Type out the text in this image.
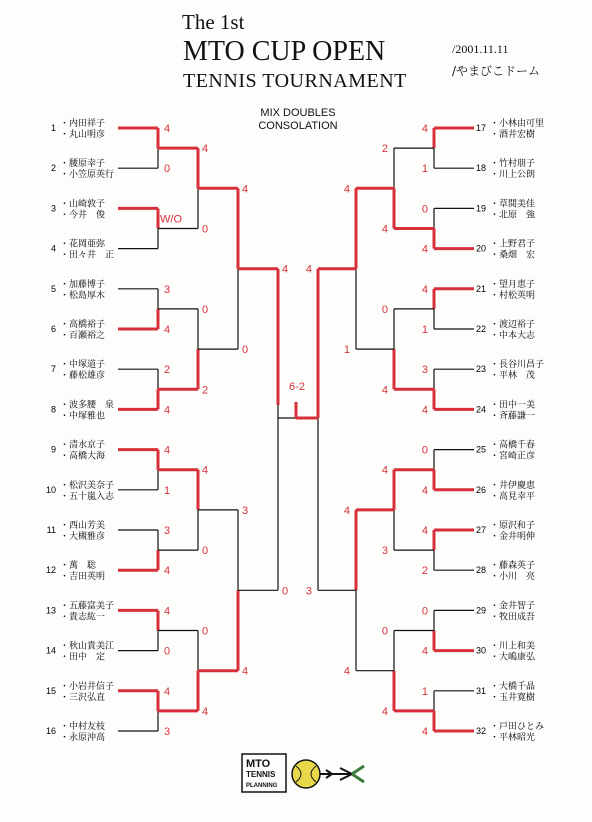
The 1st
MTO CUP OPEN
TENNIS TOURNAMENT
/2001.11.11
/やまびこドーム
MIX DOUBLES
CONSOLATION
1 ・内田祥子
・丸山明彦
2 ・腰原幸子
・小笠原英行
3 ・山崎敦子
・今井　俊
4 ・花岡亜弥
・田々井　正
5 ・加藤博子
・松島厚木
6 ・高橋裕子
・百瀬裕之
7 ・中塚道子
・藤松雄彦
8 ・波多腰　泉
・中塚雅也
9 ・清水京子
・高橋大海
10 ・松沢美奈子
・五十嵐入志
11 ・西山芳美
・大槻雅彦
12 ・萬　聡
・吉田英明
13 ・五藤富美子
・貴志紘一
14 ・秋山貴美江
・田中　定
15 ・小岩井信子
・三沢弘直
16 ・中村友枝
・永原沖高
4
0
W/O
3
4
2
4
4
1
3
4
4
0
4
3
4
0
0
2
4
0
0
4
4
0
3
4
4
0
17 ・小林由可里
・酒井宏樹
18 ・竹村朋子
・川上公朗
19 ・草間美佳
・北原　強
20 ・上野君子
・桑畑　宏
21 ・望月恵子
・村松英明
22 ・渡辺裕子
・中本大志
23 ・長谷川昌子
・平林　茂
24 ・田中一美
・斉藤謙一
25 ・高橋千春
・宮崎正彦
26 ・井伊慶恵
・高見幸平
27 ・原沢和子
・金井明伸
28 ・藤森英子
・小川　亮
29 ・金井智子
・牧田成吾
30 ・川上和美
・大嶋康弘
31 ・大橋千晶
・玉井寛樹
32 ・戸田ひとみ
・平林昭光
4
1
0
4
4
1
3
4
0
4
4
2
0
4
1
4
2
4
0
4
4
3
0
4
4
1
4
4
4
3
6-2
MTO
TENNIS
PLANNING
